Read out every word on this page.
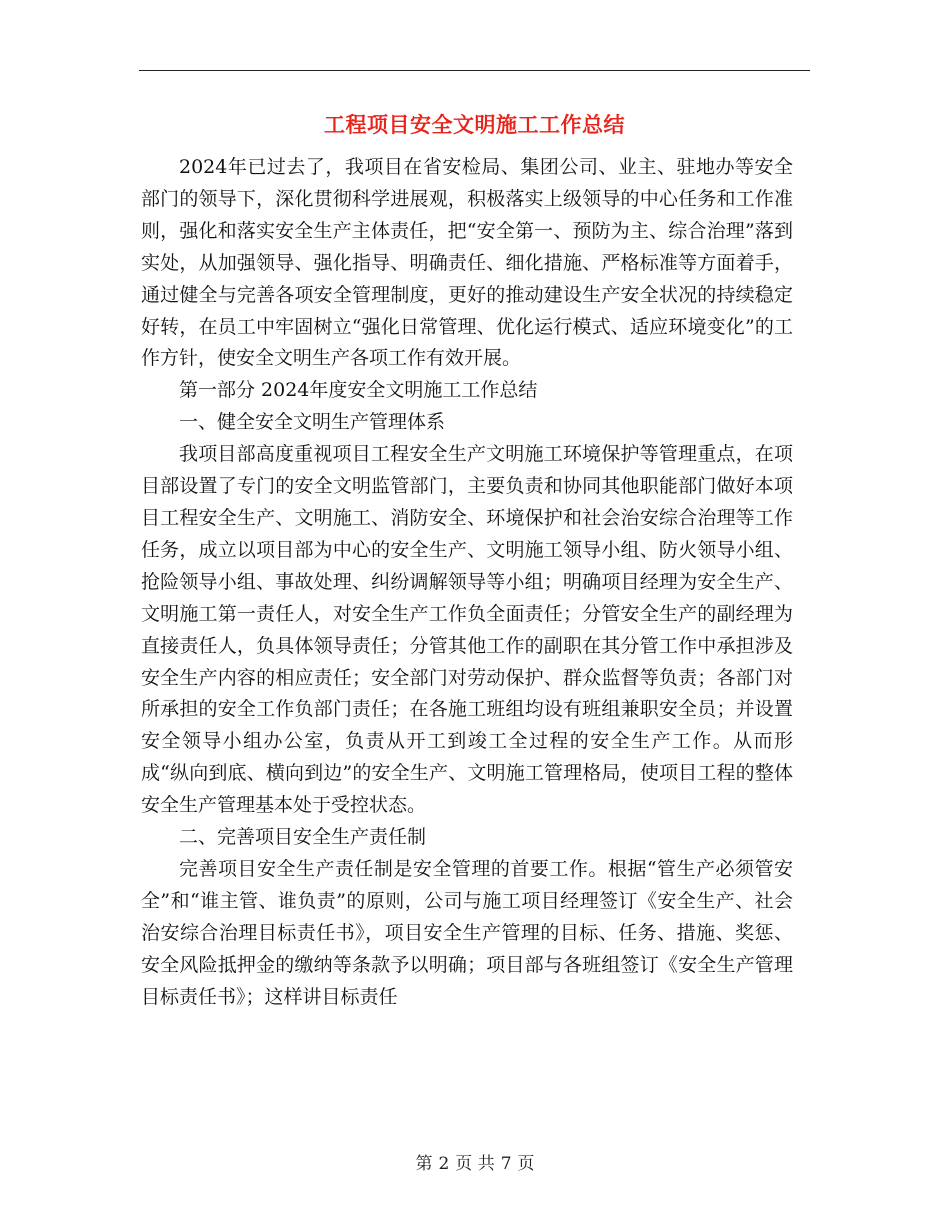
工程项目安全文明施工工作总结

2024年已过去了，我项目在省安检局、集团公司、业主、驻地办等安全部门的领导下，深化贯彻科学进展观，积极落实上级领导的中心任务和工作准则，强化和落实安全生产主体责任，把“安全第一、预防为主、综合治理”落到实处，从加强领导、强化指导、明确责任、细化措施、严格标准等方面着手，通过健全与完善各项安全管理制度，更好的推动建设生产安全状况的持续稳定好转，在员工中牢固树立“强化日常管理、优化运行模式、适应环境变化”的工作方针，使安全文明生产各项工作有效开展。

第一部分 2024年度安全文明施工工作总结

一、健全安全文明生产管理体系

我项目部高度重视项目工程安全生产文明施工环境保护等管理重点，在项目部设置了专门的安全文明监管部门，主要负责和协同其他职能部门做好本项目工程安全生产、文明施工、消防安全、环境保护和社会治安综合治理等工作任务，成立以项目部为中心的安全生产、文明施工领导小组、防火领导小组、抢险领导小组、事故处理、纠纷调解领导等小组；明确项目经理为安全生产、文明施工第一责任人，对安全生产工作负全面责任；分管安全生产的副经理为直接责任人，负具体领导责任；分管其他工作的副职在其分管工作中承担涉及安全生产内容的相应责任；安全部门对劳动保护、群众监督等负责；各部门对所承担的安全工作负部门责任；在各施工班组均设有班组兼职安全员；并设置安全领导小组办公室，负责从开工到竣工全过程的安全生产工作。从而形成“纵向到底、横向到边”的安全生产、文明施工管理格局，使项目工程的整体安全生产管理基本处于受控状态。

二、完善项目安全生产责任制

完善项目安全生产责任制是安全管理的首要工作。根据“管生产必须管安全”和“谁主管、谁负责”的原则，公司与施工项目经理签订《安全生产、社会治安综合治理目标责任书》，项目安全生产管理的目标、任务、措施、奖惩、安全风险抵押金的缴纳等条款予以明确；项目部与各班组签订《安全生产管理目标责任书》；这样讲目标责任

第 2 页 共 7 页
